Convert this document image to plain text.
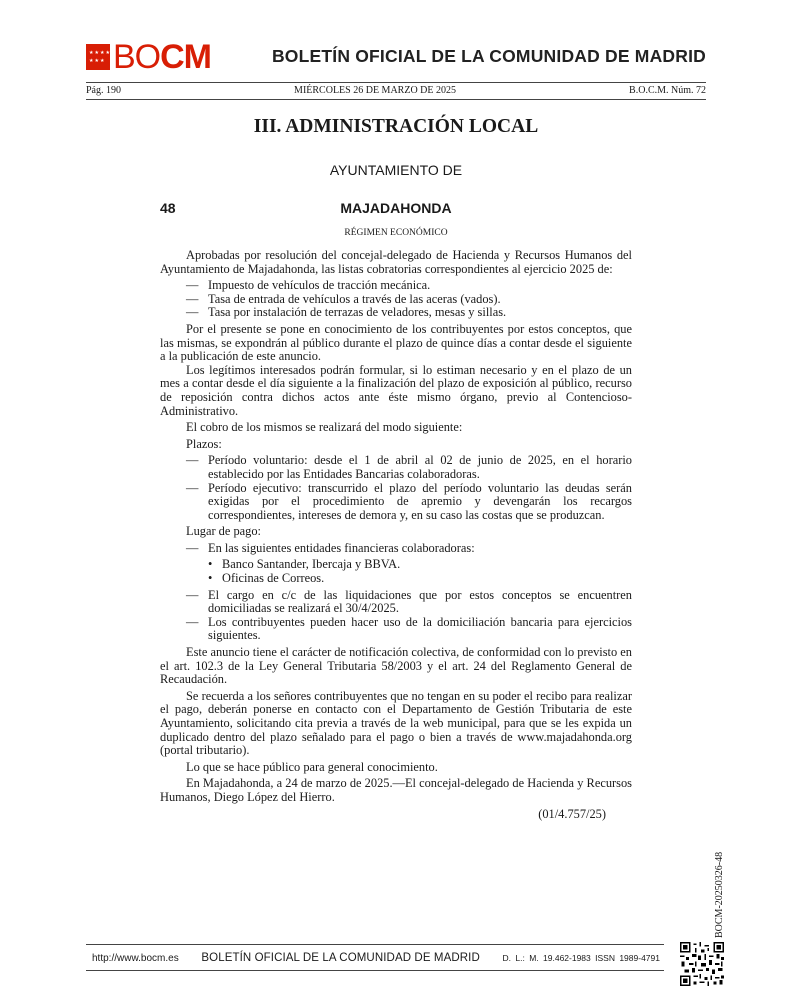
★ ★ ★ ★
★ ★ ★ BOCM	BOLETÍN OFICIAL DE LA COMUNIDAD DE MADRID
Pág. 190	MIÉRCOLES 26 DE MARZO DE 2025	B.O.C.M. Núm. 72
III. ADMINISTRACIÓN LOCAL
AYUNTAMIENTO DE
48	MAJADAHONDA
RÉGIMEN ECONÓMICO

Aprobadas por resolución del concejal-delegado de Hacienda y Recursos Humanos del Ayuntamiento de Majadahonda, las listas cobratorias correspondientes al ejercicio 2025 de:

— Impuesto de vehículos de tracción mecánica.
— Tasa de entrada de vehículos a través de las aceras (vados).
— Tasa por instalación de terrazas de veladores, mesas y sillas.

Por el presente se pone en conocimiento de los contribuyentes por estos conceptos, que las mismas, se expondrán al público durante el plazo de quince días a contar desde el siguiente a la publicación de este anuncio.

Los legítimos interesados podrán formular, si lo estiman necesario y en el plazo de un mes a contar desde el día siguiente a la finalización del plazo de exposición al público, recurso de reposición contra dichos actos ante éste mismo órgano, previo al Contencioso-Administrativo.

El cobro de los mismos se realizará del modo siguiente:

Plazos:

— Período voluntario: desde el 1 de abril al 02 de junio de 2025, en el horario establecido por las Entidades Bancarias colaboradoras.
— Período ejecutivo: transcurrido el plazo del período voluntario las deudas serán exigidas por el procedimiento de apremio y devengarán los recargos correspondientes, intereses de demora y, en su caso las costas que se produzcan.

Lugar de pago:

— En las siguientes entidades financieras colaboradoras:
• Banco Santander, Ibercaja y BBVA.
• Oficinas de Correos.
— El cargo en c/c de las liquidaciones que por estos conceptos se encuentren domiciliadas se realizará el 30/4/2025.
— Los contribuyentes pueden hacer uso de la domiciliación bancaria para ejercicios siguientes.

Este anuncio tiene el carácter de notificación colectiva, de conformidad con lo previsto en el art. 102.3 de la Ley General Tributaria 58/2003 y el art. 24 del Reglamento General de Recaudación.

Se recuerda a los señores contribuyentes que no tengan en su poder el recibo para realizar el pago, deberán ponerse en contacto con el Departamento de Gestión Tributaria de este Ayuntamiento, solicitando cita previa a través de la web municipal, para que se les expida un duplicado dentro del plazo señalado para el pago o bien a través de www.majadahonda.org (portal tributario).

Lo que se hace público para general conocimiento.

En Majadahonda, a 24 de marzo de 2025.—El concejal-delegado de Hacienda y Recursos Humanos, Diego López del Hierro.

(01/4.757/25)
BOCM-20250326-48
http://www.bocm.es BOLETÍN OFICIAL DE LA COMUNIDAD DE MADRID	D. L.: M. 19.462-1983 ISSN 1989-4791
